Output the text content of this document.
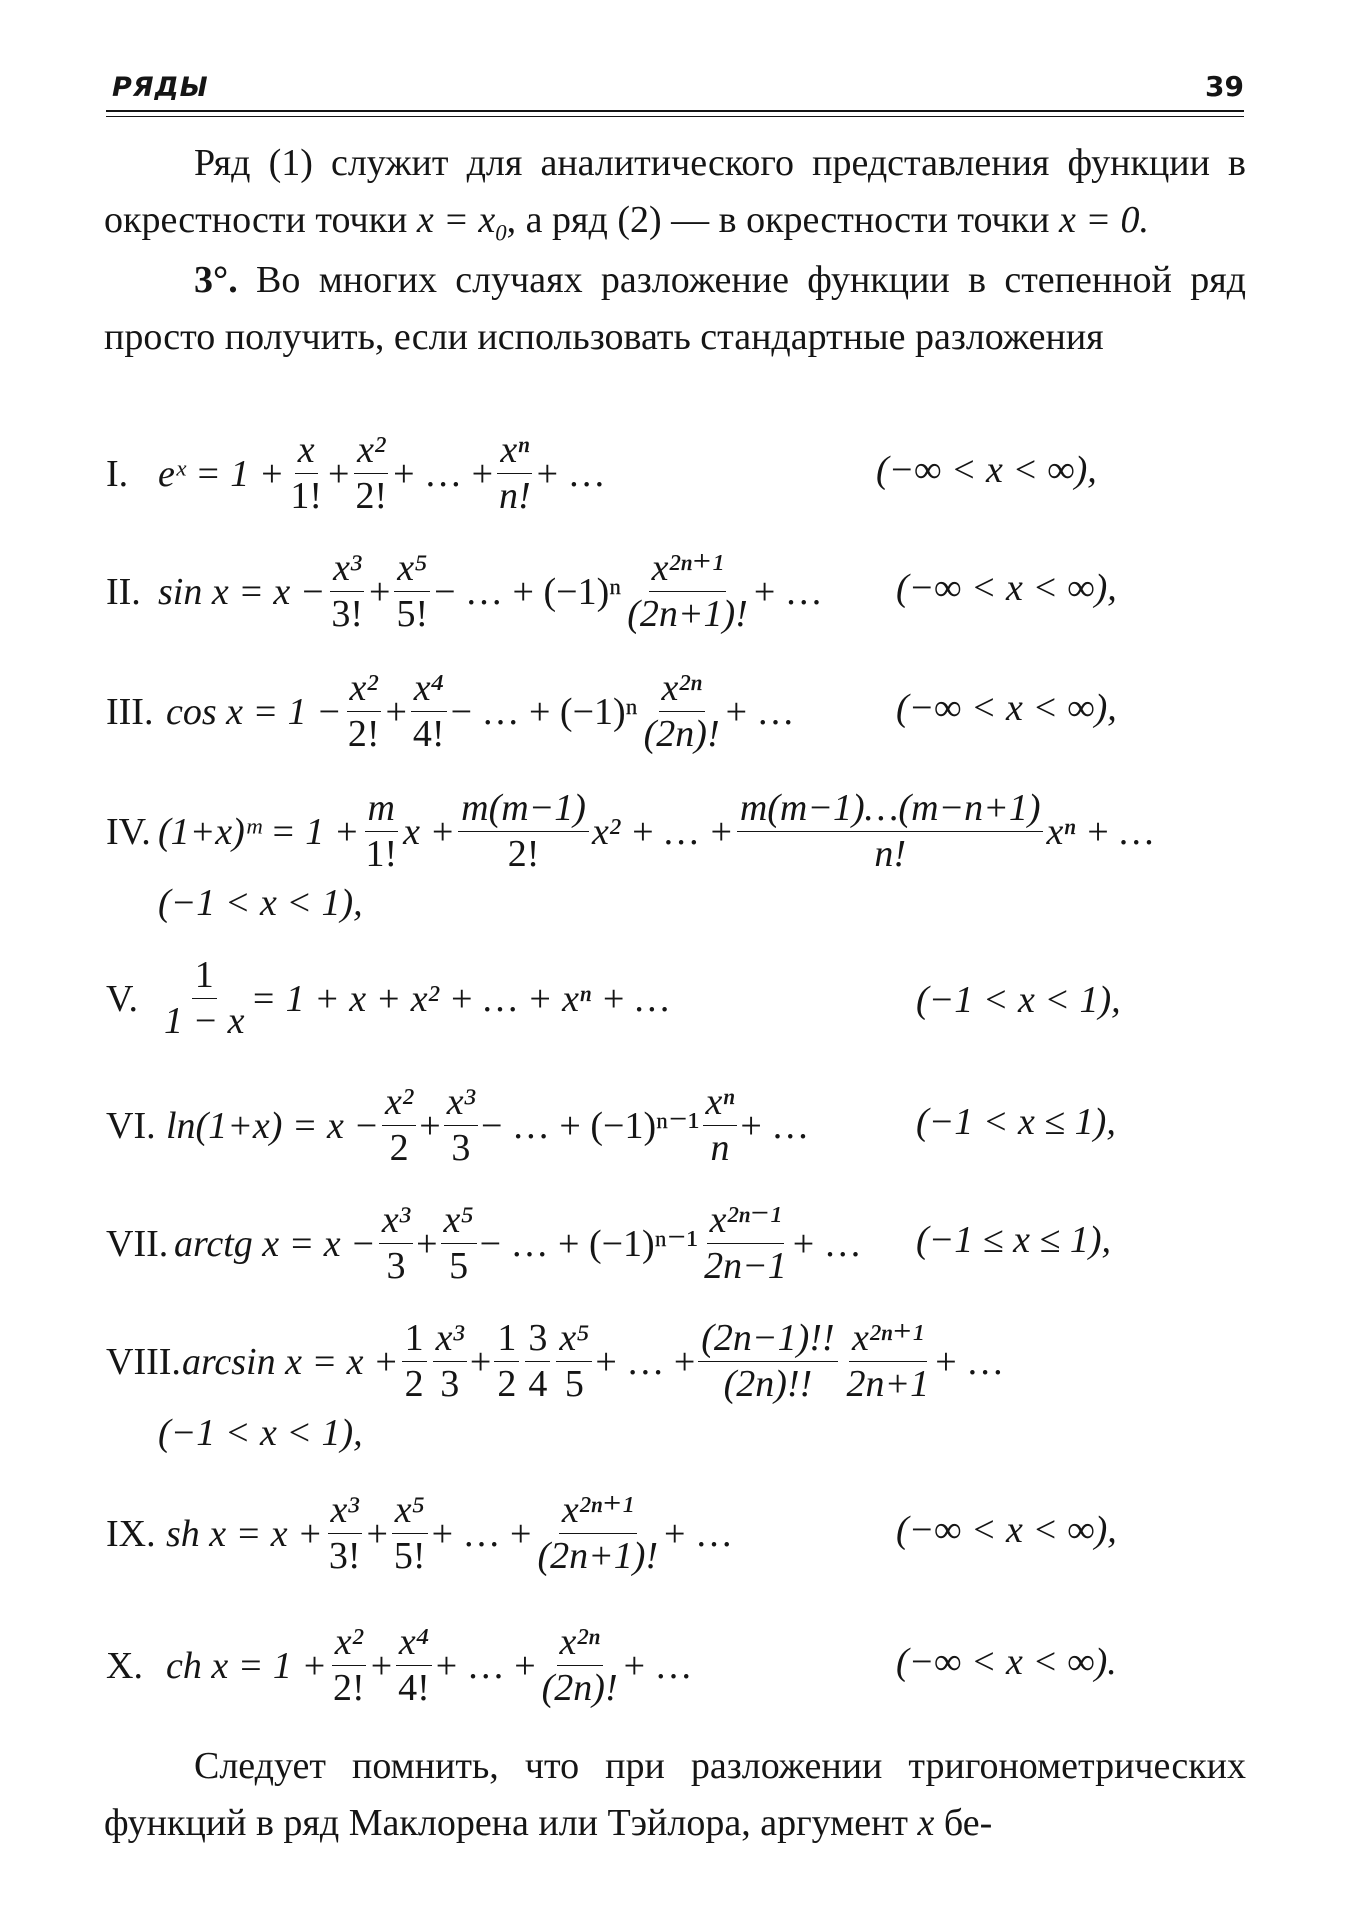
РЯДЫ	39

Ряд (1) служит для аналитического представления функции в окрестности точки $x = x_0$, а ряд (2) — в окрестности точки x = 0.

3°. Во многих случаях разложение функции в степенной ряд просто получить, если использовать стандартные разложения

I. eˣ = $1 + \frac{x}{1!} + \frac{\text{x²}}{2!}$ + … + $\frac{\text{xⁿ}}{n!}$ + …	(−∞ < x < ∞),
II. $\sin x = x - \frac{\text{x³}}{3!} + \frac{\text{x⁵}}{5!}$ − … + $(-1)^n \frac{\text{x²ⁿ⁺¹}}{(2n+1)!}$ + … (−∞ < x < ∞),
III. $\cos x = 1 - \frac{\text{x²}}{2!} + \frac{\text{x⁴}}{4!}$ − … + $(-1)^n \frac{\text{x²ⁿ}}{(2n)!}$ + …	(−∞ < x < ∞),
IV. (1+x)ᵐ = $1 + \frac{m}{1!}$ $x + \frac{m(m-1)}{2!} x^2$ + … + $\frac{m(m-1)\dots(m-n+1)}{n!}$ xⁿ + …
(−1 < x < 1),
V. $\frac{1}{1 - x} = 1 + x + x^2$ + … + xⁿ + …	(−1 < x < 1),
VI. $\ln(1+x) = x - \frac{\text{x²}}{2} + \frac{\text{x³}}{3}$ − … + $(-1)^{n-1} \frac{\text{xⁿ}}{n}$ + …	(−1 < x ≤ 1),
VII. arctg $x = x - \frac{\text{x³}}{3} + \frac{\text{x⁵}}{5}$ − … + $(-1)^{n-1} \frac{\text{x²ⁿ⁻¹}}{2n-1}$ + … (−1 ≤ x ≤ 1),
VIII. $\arcsin x = x + \frac{1}{2} \frac{\text{x³}}{3} + \frac{1}{2} \frac{3}{4} \frac{\text{x⁵}}{5}$ + … + $\frac{(2n-1)!!}{(2n)!!} \frac{\text{x²ⁿ⁺¹}}{2n+1}$ + …
(−1 < x < 1),
IX. sh $x = x + \frac{\text{x³}}{3!} + \frac{\text{x⁵}}{5!}$ + … + $\frac{\text{x²ⁿ⁺¹}}{(2n+1)!}$ + …	(−∞ < x < ∞),
X. ch $x = 1 + \frac{\text{x²}}{2!} + \frac{\text{x⁴}}{4!}$ + … + $\frac{\text{x²ⁿ}}{(2n)!}$ + …	(−∞ < x < ∞).

Следует помнить, что при разложении тригонометрических функций в ряд Маклорена или Тэйлора, аргумент x бе-
